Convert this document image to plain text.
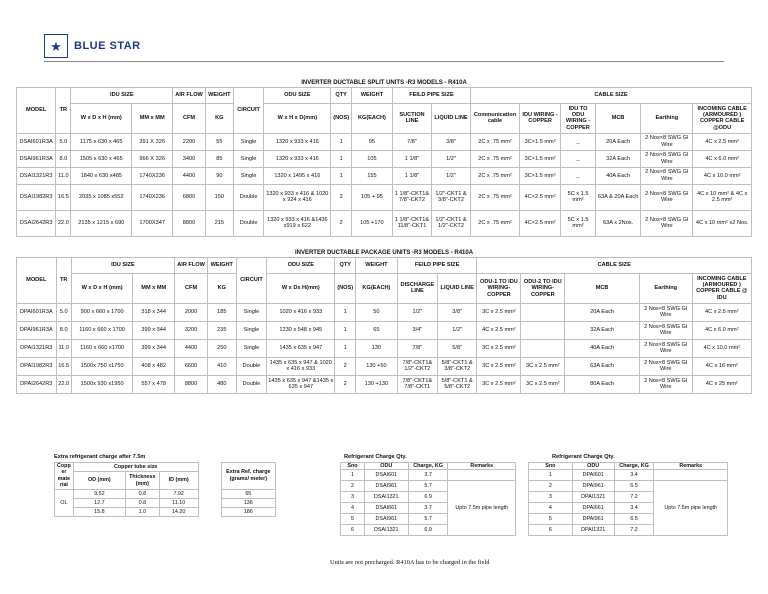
★	BLUE STAR
INVERTER DUCTABLE SPLIT UNITS -R3 MODELS - R410A																	
MODEL	TR	IDU SIZE		AIR FLOW	WEIGHT	CIRCUIT	ODU SIZE	QTY	WEIGHT	FEILD PIPE SIZE		CABLE SIZE					
		W x D x H (mm)	MM x MM	CFM	KG		W x H x D(mm)	(NOS)	KG(EACH)	SUCTION LINE	LIQUID LINE	Communication cable	IDU WIRING -COPPER	IDU TO ODU WIRING - COPPER	MCB	Earthing	INCOMING CABLE (ARMOURED ) COPPER CABLE @ODU
DSAI601R3A	5.0	1175 x 630 x 465	391 X 326	2200	55	Single	1320 x 933 x 416	1	95	7/8"	3/8"	2C x .75 mm²	3C×1.5 mm²	_	20A Each	2 Nos×8 SWG GI Wire	4C x 2.5 mm²
DSAI961R3A	8.0	1505 x 630 x 465	966 X 326	3400	85	Single	1320 x 933 x 416	1	105	1 1/8"	1/2"	2C x .75 mm²	3C×1.5 mm²	_	32A Each	2 Nos×8 SWG GI Wire	4C x 6.0 mm²
DSAI1321R3	11.0	1840 x 630 x485	1740X236	4400	90	Single	1320 x 1495 x 416	1	155	1 1/8"	1/2"	2C x .75 mm²	3C×1.5 mm²	_	40A Each	2 Nos×8 SWG GI Wire	4C x 10.0 mm²
DSAI1982R3	16.5	2035 x 1085 x552	1740X236	6800	150	Double	1320 x 933 x 416 & 1020 x 924 x 416	2	105 + 95	1 1/8"-CKT1& 7/8"-CKT2	1/2"-CKT1 & 3/8"-CKT2	2C x .75 mm²	4C×2.5 mm²	5C x 1.5 mm²	63A & 20A Each	2 Nos×8 SWG GI Wire	4C x 10 mm² & 4C x 2.5 mm²
DSAI2642R3	22.0	2135 x 1215 x 690	1700X347	8800	215	Double	1320 x 933 x 416 &1436 x919 x 622	2	105 +170	1 1/8"-CKT1& 11/8"-CKT1	1/2"-CKT1 & 1/2"-CKT2	2C x .75 mm²	4C×2.5 mm²	5C x 1.5 mm²	63A x 2Nos.	2 Nos×8 SWG GI Wire	4C x 10 mm² x2 Nos.
INVERTER DUCTABLE PACKAGE UNITS -R3 MODELS - R410A																
MODEL	TR	IDU SIZE		AIR FLOW	WEIGHT	CIRCUIT	ODU SIZE	QTY	WEIGHT	FEILD PIPE SIZE		CABLE SIZE				
		W x D x H (mm)	MM x MM	CFM	KG		W x Dx H(mm)	(NOS)	KG(EACH)	DISCHARGE LINE	LIQUID LINE	ODU-1 TO IDU WIRING-COPPER	ODU-2 TO IDU WIRING-COPPER	MCB	Earthing	INCOMING CABLE (ARMOURED ) COPPER CABLE @ IDU
DPAI601R3A	5.0	900 x 660 x 1700	318 x 344	2000	185	Single	1020 x 416 x 933	1	50	1/2"	3/8"	3C x 2.5 mm²		20A Each	2 Nos×8 SWG GI Wire	4C x 2.5 mm²
DPAI961R3A	8.0	1160 x 660 x 1700	399 x 344	3200	235	Single	1230 x 548 x 945	1	65	3/4"	1/2"	4C x 2.5 mm²		32A Each	2 Nos×8 SWG GI Wire	4C x 6.0 mm²
DPAI1321R3	11.0	1160 x 660 x1700	399 x 344	4400	250	Single	1435 x 635 x 947	1	130	7/8"	5/8"	3C x 2.5 mm²		40A Each	2 Nos×8 SWG GI Wire	4C x 10.0 mm²
DPAI1982R3	16.5	1500x 750 x1750	408 x 482	6600	410	Double	1435 x 635 x 947 & 1020 x 416 x 933	2	130 +50	7/8"-CKT1& 1/2"-CKT2	5/8"-CKT1 & 3/8"-CKT2	3C x 2.5 mm²	3C x 2.5 mm²	63A Each	2 Nos×8 SWG GI Wire	4C x 16 mm²
DPAI2642R3	22.0	1500x 930 x1950	557 x 478	8800	480	Double	1435 x 635 x 947 &1435 x 635 x 947	2	130 +130	7/8"-CKT1& 7/8"-CKT1	5/8"-CKT1 & 5/8"-CKT2	3C x 2.5 mm²	3C x 2.5 mm²	80A Each	2 Nos×8 SWG GI Wire	4C x 25 mm²
Extra refrigerant charge after 7.5m
Copp er mate rial	Copper tube size				Extra Ref. charge (grams/ meter)
	OD (mm)	Thickness (mm)	ID (mm)		
OL	9.52	0.8	7.92		65
	12.7	0.8	11.10		136
	15.8	1.0	14.20		186
Refrigerant Charge Qty.
Sno	ODU	Charge, KG	Remarks
1	DSAI601	3.7	
2	DSAI961	5.7	Upto 7.5m pipe length
3	DSAI1321	6.9	
4	DSAI661	3.7	
5	DSAI961	5.7	
6	DSAI1321	6.9	
Refrigerant Charge Qty.
Sno	ODU	Charge, KG	Remarks
1	DPAI601	3.4	
2	DPAI961	6.5	Upto 7.5m pipe length
3	DPAI1321	7.2	
4	DPAI661	3.4	
5	DPAI961	6.5	
6	DPAI1321	7.2	
Units are not precharged. R410A has to be charged in the field
